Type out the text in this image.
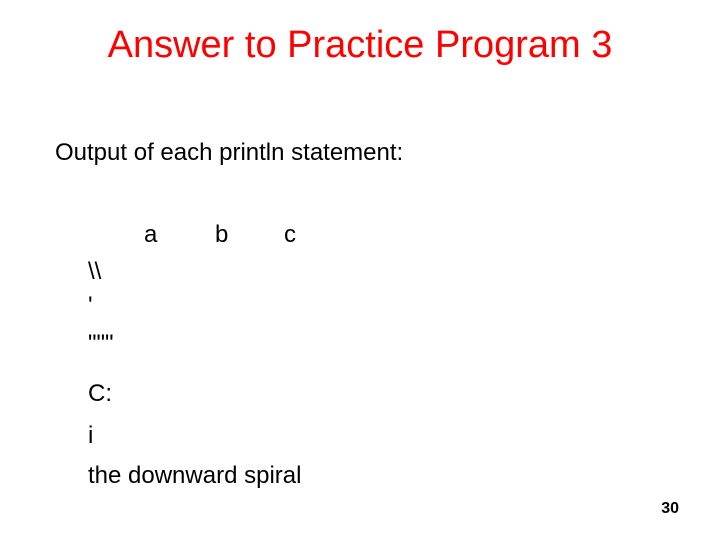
Answer to Practice Program 3
Output of each println statement:
a b c
\\
'
"""
C:
i
the downward spiral
30
